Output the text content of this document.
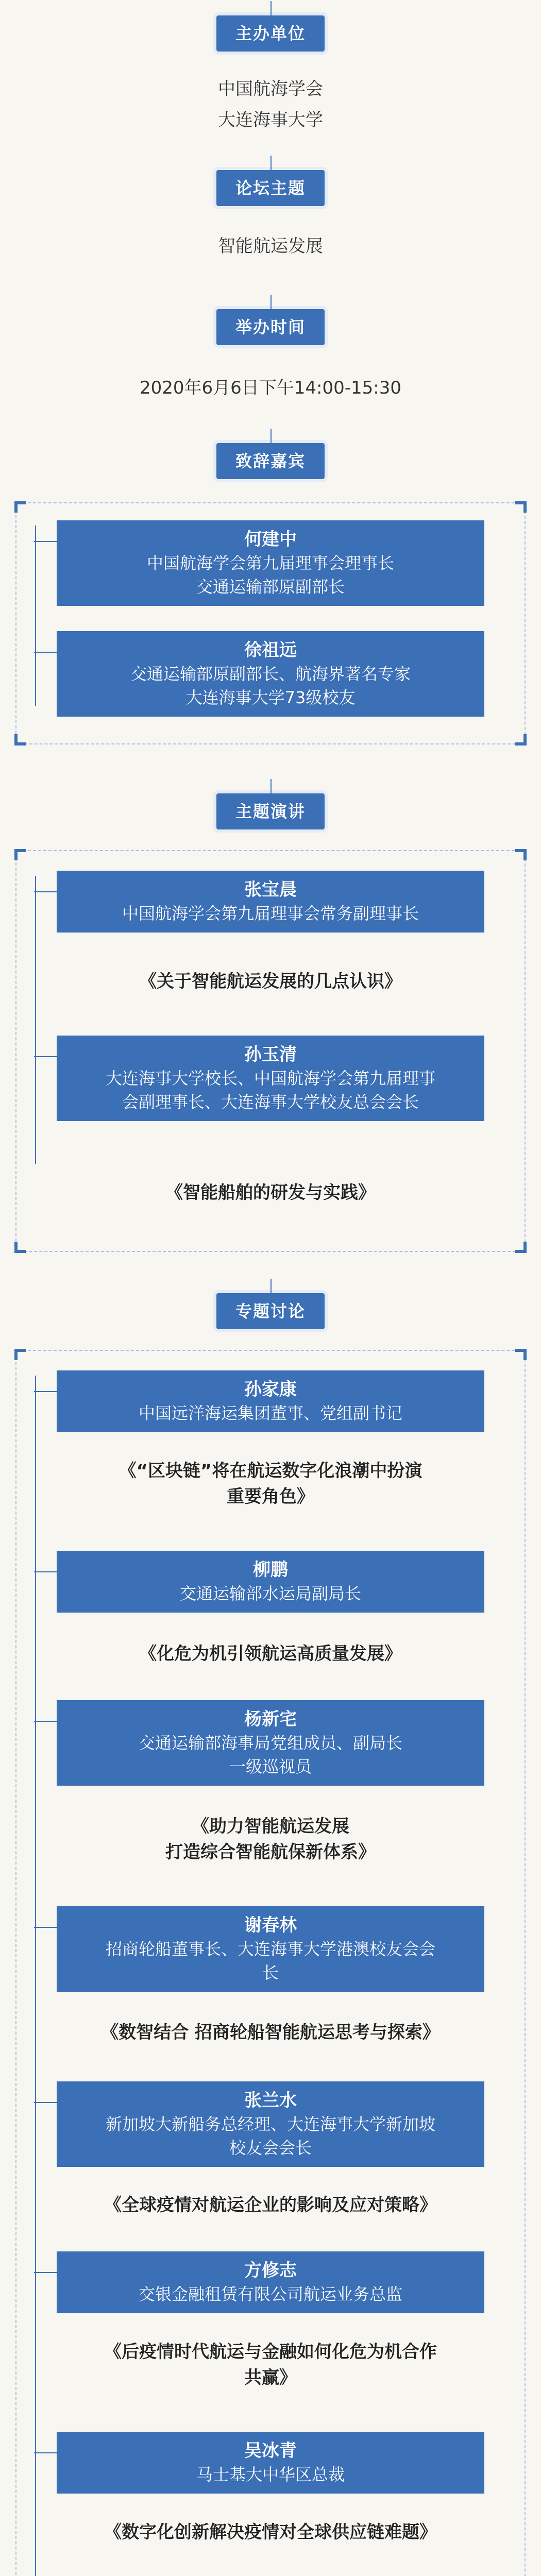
主办单位
中国航海学会
大连海事大学
论坛主题
智能航运发展
举办时间
2020年6月6日下午14:00-15:30
致辞嘉宾
何建中
中国航海学会第九届理事会理事长
交通运输部原副部长
徐祖远
交通运输部原副部长、航海界著名专家
大连海事大学73级校友
主题演讲
张宝晨
中国航海学会第九届理事会常务副理事长
《关于智能航运发展的几点认识》
孙玉清
大连海事大学校长、中国航海学会第九届理事
会副理事长、大连海事大学校友总会会长
《智能船舶的研发与实践》
专题讨论
孙家康
中国远洋海运集团董事、党组副书记
《“区块链”将在航运数字化浪潮中扮演
重要角色》
柳鹏
交通运输部水运局副局长
《化危为机引领航运高质量发展》
杨新宅
交通运输部海事局党组成员、副局长
一级巡视员
《助力智能航运发展
打造综合智能航保新体系》
谢春林
招商轮船董事长、大连海事大学港澳校友会会
长
《数智结合 招商轮船智能航运思考与探索》
张兰水
新加坡大新船务总经理、大连海事大学新加坡
校友会会长
《全球疫情对航运企业的影响及应对策略》
方修志
交银金融租赁有限公司航运业务总监
《后疫情时代航运与金融如何化危为机合作
共赢》
吴冰青
马士基大中华区总裁
《数字化创新解决疫情对全球供应链难题》
